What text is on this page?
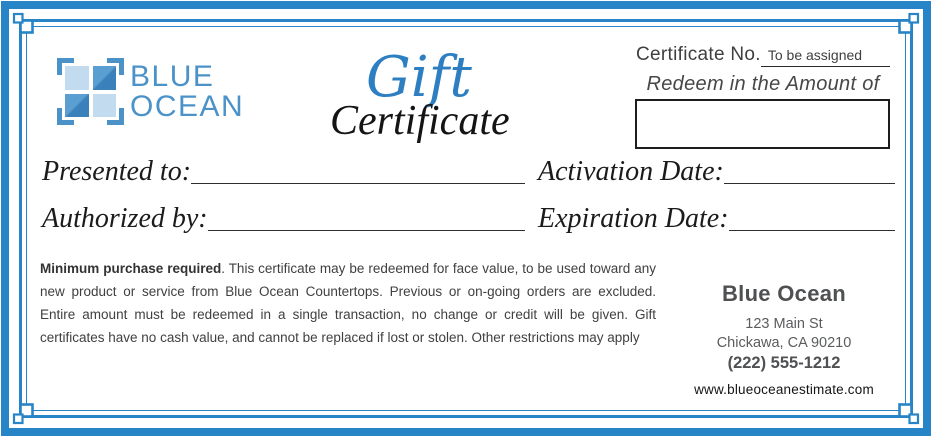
BLUE
OCEAN Gift
Certificate
Certificate No. To be assigned
Redeem in the Amount of
Presented to:	Activation Date:
Authorized by:	Expiration Date:

Minimum purchase required. This certificate may be redeemed for face value, to be used toward any new product or service from Blue Ocean Countertops. Previous or on-going orders are excluded. Entire amount must be redeemed in a single transaction, no change or credit will be given. Gift certificates have no cash value, and cannot be replaced if lost or stolen. Other restrictions may apply

Blue Ocean
123 Main St
Chickawa, CA 90210
(222) 555-1212
www.blueoceanestimate.com
